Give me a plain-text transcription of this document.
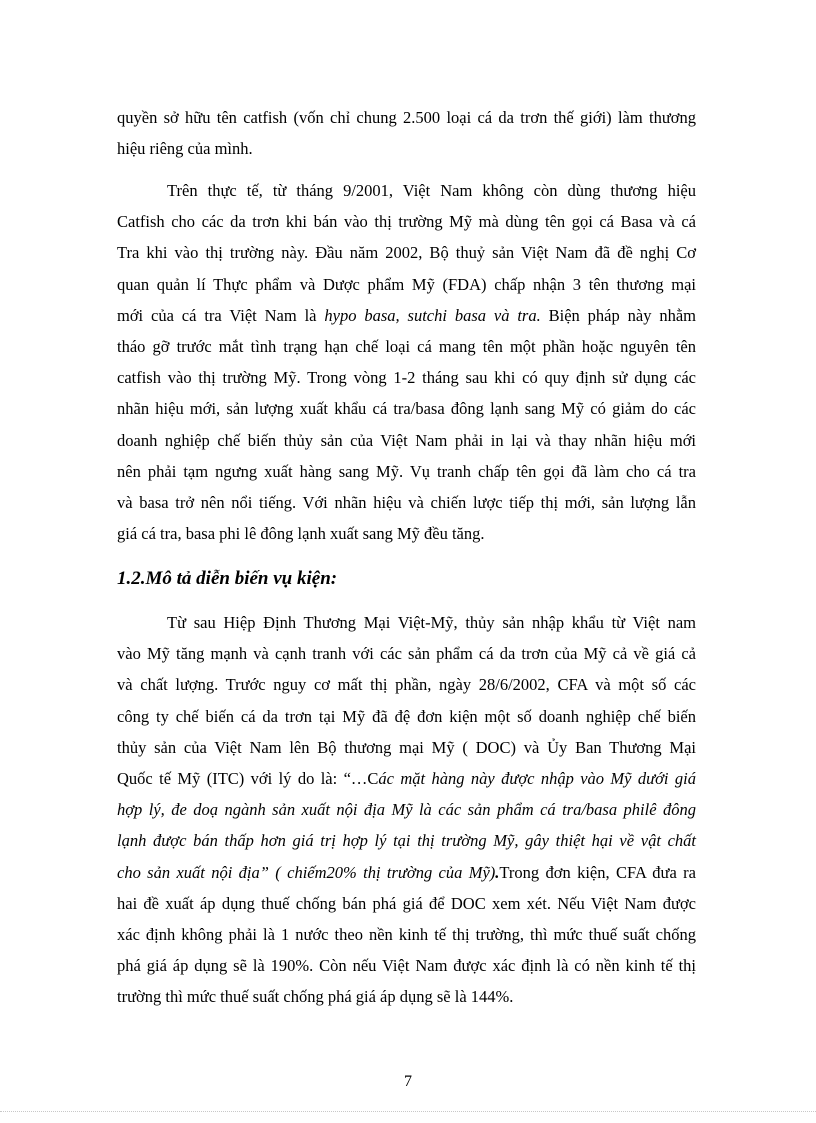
quyền sở hữu tên catfish (vốn chỉ chung 2.500 loại cá da trơn thế giới) làm thương
hiệu riêng của mình.
Trên thực tế, từ tháng 9/2001, Việt Nam không còn dùng thương hiệu
Catfish cho các da trơn khi bán vào thị trường Mỹ mà dùng tên gọi cá Basa và cá
Tra khi vào thị trường này. Đầu năm 2002, Bộ thuỷ sản Việt Nam đã đề nghị Cơ
quan quản lí Thực phẩm và Dược phẩm Mỹ (FDA) chấp nhận 3 tên thương mại
mới của cá tra Việt Nam là hypo basa, sutchi basa và tra. Biện pháp này nhằm
tháo gỡ trước mắt tình trạng hạn chế loại cá mang tên một phần hoặc nguyên tên
catfish vào thị trường Mỹ. Trong vòng 1-2 tháng sau khi có quy định sử dụng các
nhãn hiệu mới, sản lượng xuất khẩu cá tra/basa đông lạnh sang Mỹ có giảm do các
doanh nghiệp chế biến thủy sản của Việt Nam phải in lại và thay nhãn hiệu mới
nên phải tạm ngưng xuất hàng sang Mỹ. Vụ tranh chấp tên gọi đã làm cho cá tra
và basa trở nên nổi tiếng. Với nhãn hiệu và chiến lược tiếp thị mới, sản lượng lẫn
giá cá tra, basa phi lê đông lạnh xuất sang Mỹ đều tăng.
1.2.Mô tả diễn biến vụ kiện:
Từ sau Hiệp Định Thương Mại Việt-Mỹ, thủy sản nhập khẩu từ Việt nam
vào Mỹ tăng mạnh và cạnh tranh với các sản phẩm cá da trơn của Mỹ cả về giá cả
và chất lượng. Trước nguy cơ mất thị phần, ngày 28/6/2002, CFA và một số các
công ty chế biến cá da trơn tại Mỹ đã đệ đơn kiện một số doanh nghiệp chế biến
thủy sản của Việt Nam lên Bộ thương mại Mỹ ( DOC) và Ủy Ban Thương Mại
Quốc tế Mỹ (ITC) với lý do là: “…Các mặt hàng này được nhập vào Mỹ dưới giá
hợp lý, đe doạ ngành sản xuất nội địa Mỹ là các sản phẩm cá tra/basa philê đông
lạnh được bán thấp hơn giá trị hợp lý tại thị trường Mỹ, gây thiệt hại về vật chất
cho sản xuất nội địa” ( chiếm20% thị trường của Mỹ).Trong đơn kiện, CFA đưa ra
hai đề xuất áp dụng thuế chống bán phá giá để DOC xem xét. Nếu Việt Nam được
xác định không phải là 1 nước theo nền kinh tế thị trường, thì mức thuế suất chống
phá giá áp dụng sẽ là 190%. Còn nếu Việt Nam được xác định là có nền kinh tế thị
trường thì mức thuế suất chống phá giá áp dụng sẽ là 144%.
7
